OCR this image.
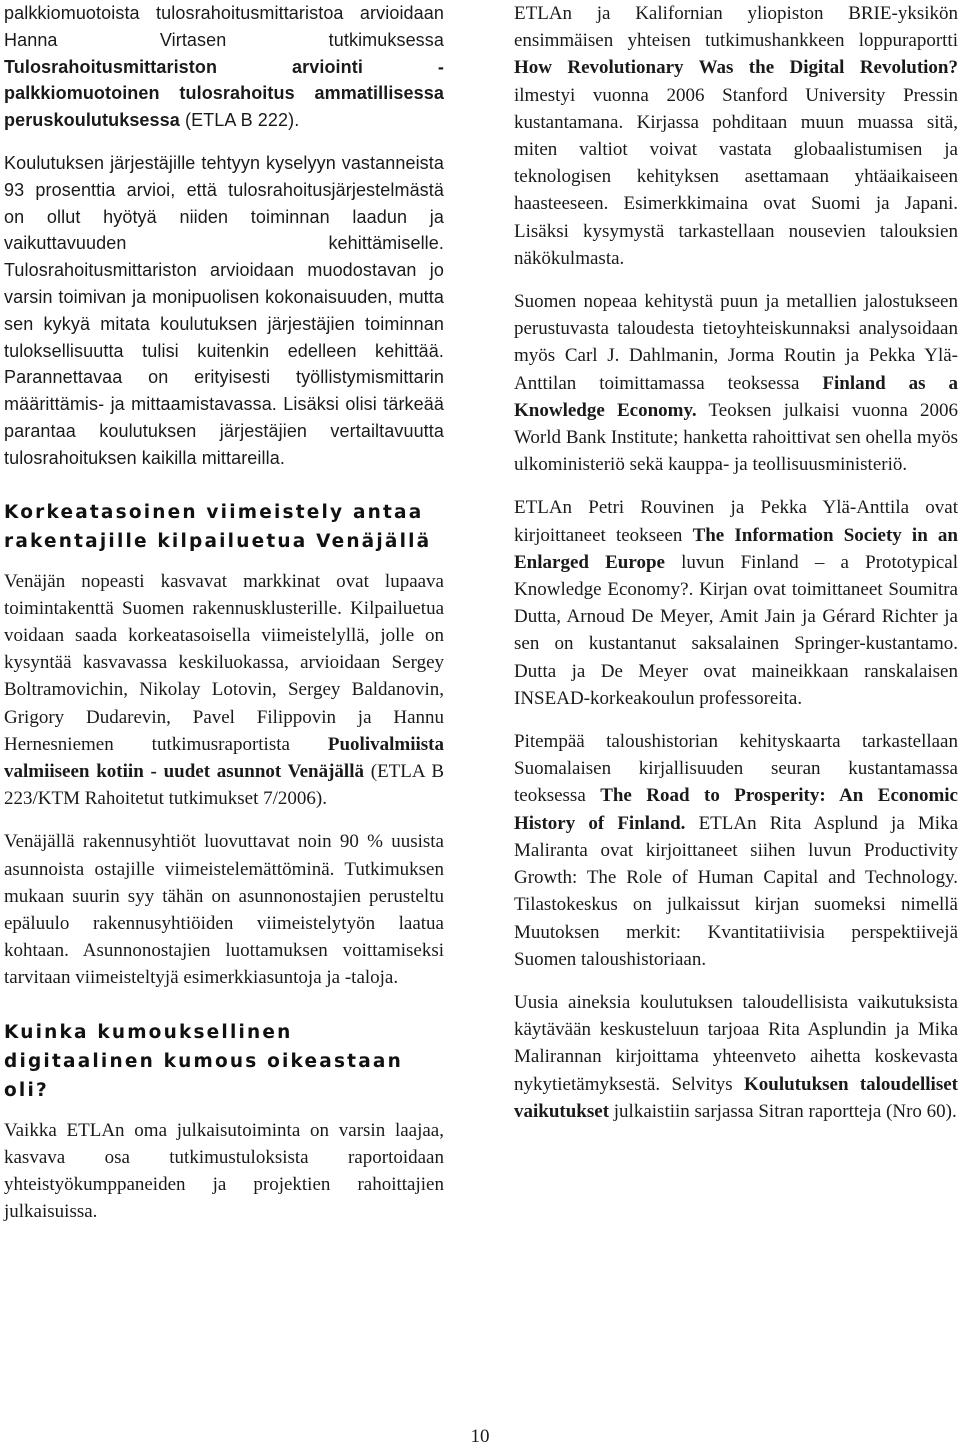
palkkiomuotoista tulosrahoitusmittaristoa arvioidaan Hanna Virtasen tutkimuksessa Tulosrahoitusmittariston arviointi - palkkiomuotoinen tulosrahoitus ammatillisessa peruskoulutuksessa (ETLA B 222).

Koulutuksen järjestäjille tehtyyn kyselyyn vastanneista 93 prosenttia arvioi, että tulosrahoitusjärjestelmästä on ollut hyötyä niiden toiminnan laadun ja vaikuttavuuden kehittämiselle. Tulosrahoitusmittariston arvioidaan muodostavan jo varsin toimivan ja monipuolisen kokonaisuuden, mutta sen kykyä mitata koulutuksen järjestäjien toiminnan tuloksellisuutta tulisi kuitenkin edelleen kehittää. Parannettavaa on erityisesti työllistymismittarin määrittämis- ja mittaamistavassa. Lisäksi olisi tärkeää parantaa koulutuksen järjestäjien vertailtavuutta tulosrahoituksen kaikilla mittareilla.

Korkeatasoinen viimeistely antaa rakentajille kilpailuetua Venäjällä

Venäjän nopeasti kasvavat markkinat ovat lupaava toimintakenttä Suomen rakennusklusterille. Kilpailuetua voidaan saada korkeatasoisella viimeistelyllä, jolle on kysyntää kasvavassa keskiluokassa, arvioidaan Sergey Boltramovichin, Nikolay Lotovin, Sergey Baldanovin, Grigory Dudarevin, Pavel Filippovin ja Hannu Hernesniemen tutkimusraportista Puolivalmiista valmiiseen kotiin - uudet asunnot Venäjällä (ETLA B 223/KTM Rahoitetut tutkimukset 7/2006).

Venäjällä rakennusyhtiöt luovuttavat noin 90 % uusista asunnoista ostajille viimeistelemättöminä. Tutkimuksen mukaan suurin syy tähän on asunnonostajien perusteltu epäluulo rakennusyhtiöiden viimeistelytyön laatua kohtaan. Asunnonostajien luottamuksen voittamiseksi tarvitaan viimeisteltyjä esimerkkiasuntoja ja -taloja.

Kuinka kumouksellinen digitaalinen kumous oikeastaan oli?

Vaikka ETLAn oma julkaisutoiminta on varsin laajaa, kasvava osa tutkimustuloksista raportoidaan yhteistyökumppaneiden ja projektien rahoittajien julkaisuissa.

ETLAn ja Kalifornian yliopiston BRIE-yksikön ensimmäisen yhteisen tutkimushankkeen loppuraportti How Revolutionary Was the Digital Revolution? ilmestyi vuonna 2006 Stanford University Pressin kustantamana. Kirjassa pohditaan muun muassa sitä, miten valtiot voivat vastata globaalistumisen ja teknologisen kehityksen asettamaan yhtäaikaiseen haasteeseen. Esimerkkimaina ovat Suomi ja Japani. Lisäksi kysymystä tarkastellaan nousevien talouksien näkökulmasta.

Suomen nopeaa kehitystä puun ja metallien jalostukseen perustuvasta taloudesta tietoyhteiskunnaksi analysoidaan myös Carl J. Dahlmanin, Jorma Routin ja Pekka Ylä-Anttilan toimittamassa teoksessa Finland as a Knowledge Economy. Teoksen julkaisi vuonna 2006 World Bank Institute; hanketta rahoittivat sen ohella myös ulkoministeriö sekä kauppa- ja teollisuusministeriö.

ETLAn Petri Rouvinen ja Pekka Ylä-Anttila ovat kirjoittaneet teokseen The Information Society in an Enlarged Europe luvun Finland – a Prototypical Knowledge Economy?. Kirjan ovat toimittaneet Soumitra Dutta, Arnoud De Meyer, Amit Jain ja Gérard Richter ja sen on kustantanut saksalainen Springer-kustantamo. Dutta ja De Meyer ovat maineikkaan ranskalaisen INSEAD-korkeakoulun professoreita.

Pitempää taloushistorian kehityskaarta tarkastellaan Suomalaisen kirjallisuuden seuran kustantamassa teoksessa The Road to Prosperity: An Economic History of Finland. ETLAn Rita Asplund ja Mika Maliranta ovat kirjoittaneet siihen luvun Productivity Growth: The Role of Human Capital and Technology. Tilastokeskus on julkaissut kirjan suomeksi nimellä Muutoksen merkit: Kvantitatiivisia perspektiivejä Suomen taloushistoriaan.

Uusia aineksia koulutuksen taloudellisista vaikutuksista käytävään keskusteluun tarjoaa Rita Asplundin ja Mika Malirannan kirjoittama yhteenveto aihetta koskevasta nykytietämyksestä. Selvitys Koulutuksen taloudelliset vaikutukset julkaistiin sarjassa Sitran raportteja (Nro 60).

10
